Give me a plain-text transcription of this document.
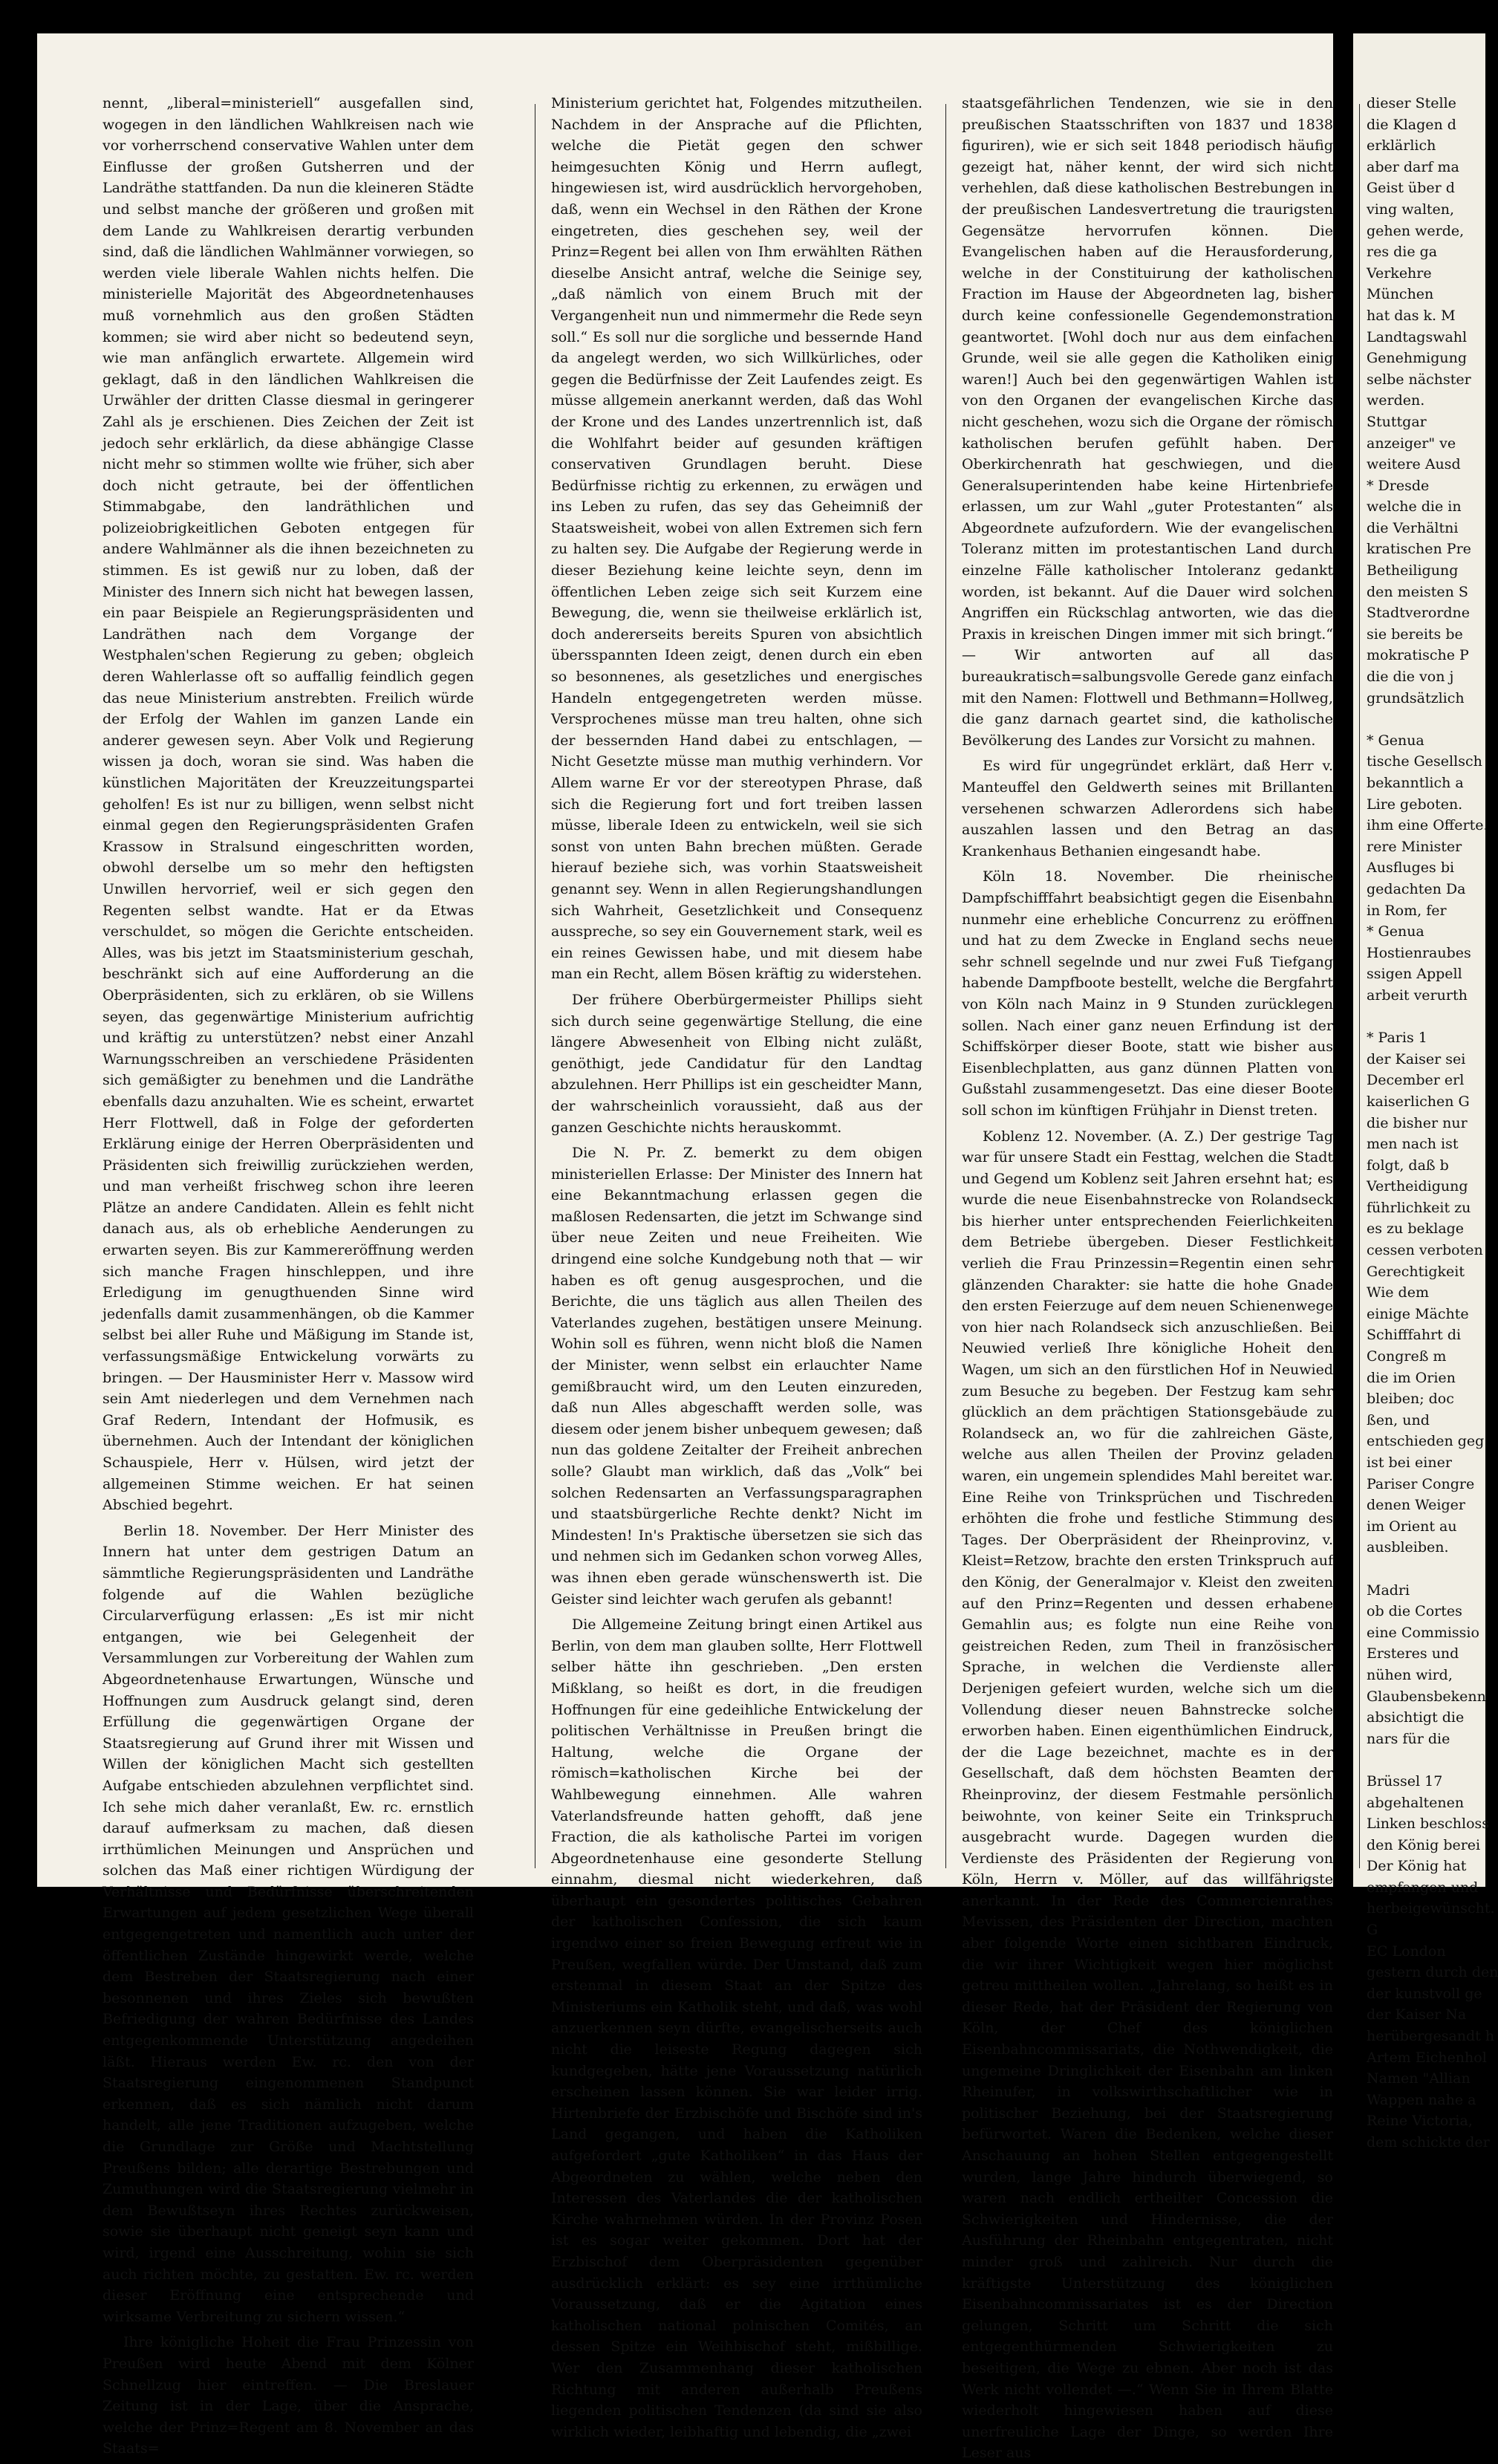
nennt, „liberal=ministeriell“ ausgefallen sind, wogegen in den ländlichen Wahlkreisen nach wie vor vorherrschend conservative Wahlen unter dem Einflusse der großen Gutsherren und der Landräthe stattfanden. Da nun die kleineren Städte und selbst manche der größeren und großen mit dem Lande zu Wahlkreisen derartig verbunden sind, daß die ländlichen Wahlmänner vorwiegen, so werden viele liberale Wahlen nichts helfen. Die ministerielle Majorität des Abgeordnetenhauses muß vornehmlich aus den großen Städten kommen; sie wird aber nicht so bedeutend seyn, wie man anfänglich erwartete. Allgemein wird geklagt, daß in den ländlichen Wahlkreisen die Urwähler der dritten Classe diesmal in geringerer Zahl als je erschienen. Dies Zeichen der Zeit ist jedoch sehr erklärlich, da diese abhängige Classe nicht mehr so stimmen wollte wie früher, sich aber doch nicht getraute, bei der öffentlichen Stimmabgabe, den landräthlichen und polizeiobrigkeitlichen Geboten entgegen für andere Wahlmänner als die ihnen bezeichneten zu stimmen. Es ist gewiß nur zu loben, daß der Minister des Innern sich nicht hat bewegen lassen, ein paar Beispiele an Regierungspräsidenten und Landräthen nach dem Vorgange der Westphalen'schen Regierung zu geben; obgleich deren Wahlerlasse oft so auffallig feindlich gegen das neue Ministerium anstrebten. Freilich würde der Erfolg der Wahlen im ganzen Lande ein anderer gewesen seyn. Aber Volk und Regierung wissen ja doch, woran sie sind. Was haben die künstlichen Majoritäten der Kreuzzeitungspartei geholfen! Es ist nur zu billigen, wenn selbst nicht einmal gegen den Regierungspräsidenten Grafen Krassow in Stralsund eingeschritten worden, obwohl derselbe um so mehr den heftigsten Unwillen hervorrief, weil er sich gegen den Regenten selbst wandte. Hat er da Etwas verschuldet, so mögen die Gerichte entscheiden. Alles, was bis jetzt im Staatsministerium geschah, beschränkt sich auf eine Aufforderung an die Oberpräsidenten, sich zu erklären, ob sie Willens seyen, das gegenwärtige Ministerium aufrichtig und kräftig zu unterstützen? nebst einer Anzahl Warnungsschreiben an verschiedene Präsidenten sich gemäßigter zu benehmen und die Landräthe ebenfalls dazu anzuhalten. Wie es scheint, erwartet Herr Flottwell, daß in Folge der geforderten Erklärung einige der Herren Oberpräsidenten und Präsidenten sich freiwillig zurückziehen werden, und man verheißt frischweg schon ihre leeren Plätze an andere Candidaten. Allein es fehlt nicht danach aus, als ob erhebliche Aenderungen zu erwarten seyen. Bis zur Kammereröffnung werden sich manche Fragen hinschleppen, und ihre Erledigung im genugthuenden Sinne wird jedenfalls damit zusammenhängen, ob die Kammer selbst bei aller Ruhe und Mäßigung im Stande ist, verfassungsmäßige Entwickelung vorwärts zu bringen. — Der Hausminister Herr v. Massow wird sein Amt niederlegen und dem Vernehmen nach Graf Redern, Intendant der Hofmusik, es übernehmen. Auch der Intendant der königlichen Schauspiele, Herr v. Hülsen, wird jetzt der allgemeinen Stimme weichen. Er hat seinen Abschied begehrt.

Berlin 18. November. Der Herr Minister des Innern hat unter dem gestrigen Datum an sämmtliche Regierungspräsidenten und Landräthe folgende auf die Wahlen bezügliche Circularverfügung erlassen: „Es ist mir nicht entgangen, wie bei Gelegenheit der Versammlungen zur Vorbereitung der Wahlen zum Abgeordnetenhause Erwartungen, Wünsche und Hoffnungen zum Ausdruck gelangt sind, deren Erfüllung die gegenwärtigen Organe der Staatsregierung auf Grund ihrer mit Wissen und Willen der königlichen Macht sich gestellten Aufgabe entschieden abzulehnen verpflichtet sind. Ich sehe mich daher veranlaßt, Ew. rc. ernstlich darauf aufmerksam zu machen, daß diesen irrthümlichen Meinungen und Ansprüchen und solchen das Maß einer richtigen Würdigung der Verhältnisse und Bedürfnisse überschreitenden Erwartungen auf jedem gesetzlichen Wege überall entgegengetreten und namentlich auch unter der öffentlichen Zustände hingewirkt werde, welche dem Bestreben der Staatsregierung nach einer besonnenen und ihres Zieles sich bewußten Befriedigung der wahren Bedürfnisse des Landes entgegenkommende Unterstützung angedeihen läßt. Hieraus werden Ew. rc. den von der Staatsregierung eingenommenen Standpunct erkennen, daß es sich nämlich nicht darum handelt, alle jene Traditionen aufzugeben, welche die Grundlage zur Größe und Machtstellung Preußens bilden; alle derartige Bestrebungen und Zumuthungen wird die Staatsregierung vielmehr in dem Bewußtseyn ihres Rechtes zurückweisen, sowie sie überhaupt nicht geneigt seyn kann und wird, irgend eine Ausschreitung, wohin sie sich auch richten möchte, zu gestatten. Ew. rc. werden dieser Eröffnung eine entsprechende und wirksame Verbreitung zu sichern wissen.“

Ihre königliche Hoheit die Frau Prinzessin von Preußen wird heute Abend mit dem Kölner Schnellzug hier eintreffen. — Die Breslauer Zeitung ist in der Lage, über die Ansprache, welche der Prinz=Regent am 8. November an das Staats=

Ministerium gerichtet hat, Folgendes mitzutheilen. Nachdem in der Ansprache auf die Pflichten, welche die Pietät gegen den schwer heimgesuchten König und Herrn auflegt, hingewiesen ist, wird ausdrücklich hervorgehoben, daß, wenn ein Wechsel in den Räthen der Krone eingetreten, dies geschehen sey, weil der Prinz=Regent bei allen von Ihm erwählten Räthen dieselbe Ansicht antraf, welche die Seinige sey, „daß nämlich von einem Bruch mit der Vergangenheit nun und nimmermehr die Rede seyn soll.“ Es soll nur die sorgliche und bessernde Hand da angelegt werden, wo sich Willkürliches, oder gegen die Bedürfnisse der Zeit Laufendes zeigt. Es müsse allgemein anerkannt werden, daß das Wohl der Krone und des Landes unzertrennlich ist, daß die Wohlfahrt beider auf gesunden kräftigen conservativen Grundlagen beruht. Diese Bedürfnisse richtig zu erkennen, zu erwägen und ins Leben zu rufen, das sey das Geheimniß der Staatsweisheit, wobei von allen Extremen sich fern zu halten sey. Die Aufgabe der Regierung werde in dieser Beziehung keine leichte seyn, denn im öffentlichen Leben zeige sich seit Kurzem eine Bewegung, die, wenn sie theilweise erklärlich ist, doch andererseits bereits Spuren von absichtlich übersspannten Ideen zeigt, denen durch ein eben so besonnenes, als gesetzliches und energisches Handeln entgegengetreten werden müsse. Versprochenes müsse man treu halten, ohne sich der bessernden Hand dabei zu entschlagen, — Nicht Gesetzte müsse man muthig verhindern. Vor Allem warne Er vor der stereotypen Phrase, daß sich die Regierung fort und fort treiben lassen müsse, liberale Ideen zu entwickeln, weil sie sich sonst von unten Bahn brechen müßten. Gerade hierauf beziehe sich, was vorhin Staatsweisheit genannt sey. Wenn in allen Regierungshandlungen sich Wahrheit, Gesetzlichkeit und Consequenz ausspreche, so sey ein Gouvernement stark, weil es ein reines Gewissen habe, und mit diesem habe man ein Recht, allem Bösen kräftig zu widerstehen.

Der frühere Oberbürgermeister Phillips sieht sich durch seine gegenwärtige Stellung, die eine längere Abwesenheit von Elbing nicht zuläßt, genöthigt, jede Candidatur für den Landtag abzulehnen. Herr Phillips ist ein gescheidter Mann, der wahrscheinlich voraussieht, daß aus der ganzen Geschichte nichts herauskommt.

Die N. Pr. Z. bemerkt zu dem obigen ministeriellen Erlasse: Der Minister des Innern hat eine Bekanntmachung erlassen gegen die maßlosen Redensarten, die jetzt im Schwange sind über neue Zeiten und neue Freiheiten. Wie dringend eine solche Kundgebung noth that — wir haben es oft genug ausgesprochen, und die Berichte, die uns täglich aus allen Theilen des Vaterlandes zugehen, bestätigen unsere Meinung. Wohin soll es führen, wenn nicht bloß die Namen der Minister, wenn selbst ein erlauchter Name gemißbraucht wird, um den Leuten einzureden, daß nun Alles abgeschafft werden solle, was diesem oder jenem bisher unbequem gewesen; daß nun das goldene Zeitalter der Freiheit anbrechen solle? Glaubt man wirklich, daß das „Volk“ bei solchen Redensarten an Verfassungsparagraphen und staatsbürgerliche Rechte denkt? Nicht im Mindesten! In's Praktische übersetzen sie sich das und nehmen sich im Gedanken schon vorweg Alles, was ihnen eben gerade wünschenswerth ist. Die Geister sind leichter wach gerufen als gebannt!

Die Allgemeine Zeitung bringt einen Artikel aus Berlin, von dem man glauben sollte, Herr Flottwell selber hätte ihn geschrieben. „Den ersten Mißklang, so heißt es dort, in die freudigen Hoffnungen für eine gedeihliche Entwickelung der politischen Verhältnisse in Preußen bringt die Haltung, welche die Organe der römisch=katholischen Kirche bei der Wahlbewegung einnehmen. Alle wahren Vaterlandsfreunde hatten gehofft, daß jene Fraction, die als katholische Partei im vorigen Abgeordnetenhause eine gesonderte Stellung einnahm, diesmal nicht wiederkehren, daß überhaupt ein gesondertes politisches Gebahren der katholischen Confession, die sich kaum irgendwo einer so freien Bewegung erfreut wie in Preußen, wegfallen würde. Der Umstand, daß zum erstenmal in diesem Staat an der Spitze des Ministeriums ein Katholik steht, und daß, was wohl anzuerkennen seyn dürfte, evangelischerseits auch nicht die leiseste Regung dagegen sich kundgegeben, hätte jene Voraussetzung natürlich erscheinen lassen können. Sie war leider irrig. Hirtenbriefe der Erzbischöfe und Bischöfe sind in's Land gegangen, und haben die Katholiken aufgefordert „gute Katholiken“ in das Haus der Abgeordneten zu wählen, welche neben den Interessen des Vaterlandes die der katholischen Kirche wahrnehmen würden. In der Provinz Posen ist es sogar weiter gekommen. Dort hat der Erzbischof dem Oberpräsidenten gegenüber ausdrücklich erklärt: es sey eine irrthümliche Voraussetzung, daß er die Agitation eines katholischen national polnischen Comités, an dessen Spitze ein Weihbischof steht, mißbillige. Wer den Zusammenhang dieser katholischen Richtung mit anderen außerhalb Preußens liegenden politischen Tendenzen (da sind sie also wirklich wieder, leibhaftig und lebendig, die „zwei

staatsgefährlichen Tendenzen, wie sie in den preußischen Staatsschriften von 1837 und 1838 figuriren), wie er sich seit 1848 periodisch häufig gezeigt hat, näher kennt, der wird sich nicht verhehlen, daß diese katholischen Bestrebungen in der preußischen Landesvertretung die traurigsten Gegensätze hervorrufen können. Die Evangelischen haben auf die Herausforderung, welche in der Constituirung der katholischen Fraction im Hause der Abgeordneten lag, bisher durch keine confessionelle Gegendemonstration geantwortet. [Wohl doch nur aus dem einfachen Grunde, weil sie alle gegen die Katholiken einig waren!] Auch bei den gegenwärtigen Wahlen ist von den Organen der evangelischen Kirche das nicht geschehen, wozu sich die Organe der römisch katholischen berufen gefühlt haben. Der Oberkirchenrath hat geschwiegen, und die Generalsuperintenden habe keine Hirtenbriefe erlassen, um zur Wahl „guter Protestanten“ als Abgeordnete aufzufordern. Wie der evangelischen Toleranz mitten im protestantischen Land durch einzelne Fälle katholischer Intoleranz gedankt worden, ist bekannt. Auf die Dauer wird solchen Angriffen ein Rückschlag antworten, wie das die Praxis in kreischen Dingen immer mit sich bringt.“ — Wir antworten auf all das bureaukratisch=salbungsvolle Gerede ganz einfach mit den Namen: Flottwell und Bethmann=Hollweg, die ganz darnach geartet sind, die katholische Bevölkerung des Landes zur Vorsicht zu mahnen.

Es wird für ungegründet erklärt, daß Herr v. Manteuffel den Geldwerth seines mit Brillanten versehenen schwarzen Adlerordens sich habe auszahlen lassen und den Betrag an das Krankenhaus Bethanien eingesandt habe.

Köln 18. November. Die rheinische Dampfschifffahrt beabsichtigt gegen die Eisenbahn nunmehr eine erhebliche Concurrenz zu eröffnen und hat zu dem Zwecke in England sechs neue sehr schnell segelnde und nur zwei Fuß Tiefgang habende Dampfboote bestellt, welche die Bergfahrt von Köln nach Mainz in 9 Stunden zurücklegen sollen. Nach einer ganz neuen Erfindung ist der Schiffskörper dieser Boote, statt wie bisher aus Eisenblechplatten, aus ganz dünnen Platten von Gußstahl zusammengesetzt. Das eine dieser Boote soll schon im künftigen Frühjahr in Dienst treten.

Koblenz 12. November. (A. Z.) Der gestrige Tag war für unsere Stadt ein Festtag, welchen die Stadt und Gegend um Koblenz seit Jahren ersehnt hat; es wurde die neue Eisenbahnstrecke von Rolandseck bis hierher unter entsprechenden Feierlichkeiten dem Betriebe übergeben. Dieser Festlichkeit verlieh die Frau Prinzessin=Regentin einen sehr glänzenden Charakter: sie hatte die hohe Gnade den ersten Feierzuge auf dem neuen Schienenwege von hier nach Rolandseck sich anzuschließen. Bei Neuwied verließ Ihre königliche Hoheit den Wagen, um sich an den fürstlichen Hof in Neuwied zum Besuche zu begeben. Der Festzug kam sehr glücklich an dem prächtigen Stationsgebäude zu Rolandseck an, wo für die zahlreichen Gäste, welche aus allen Theilen der Provinz geladen waren, ein ungemein splendides Mahl bereitet war. Eine Reihe von Trinksprüchen und Tischreden erhöhten die frohe und festliche Stimmung des Tages. Der Oberpräsident der Rheinprovinz, v. Kleist=Retzow, brachte den ersten Trinkspruch auf den König, der Generalmajor v. Kleist den zweiten auf den Prinz=Regenten und dessen erhabene Gemahlin aus; es folgte nun eine Reihe von geistreichen Reden, zum Theil in französischer Sprache, in welchen die Verdienste aller Derjenigen gefeiert wurden, welche sich um die Vollendung dieser neuen Bahnstrecke solche erworben haben. Einen eigenthümlichen Eindruck, der die Lage bezeichnet, machte es in der Gesellschaft, daß dem höchsten Beamten der Rheinprovinz, der diesem Festmahle persönlich beiwohnte, von keiner Seite ein Trinkspruch ausgebracht wurde. Dagegen wurden die Verdienste des Präsidenten der Regierung von Köln, Herrn v. Möller, auf das willfährigste anerkannt. In der Rede des Commercienrathes Mevissen, des Präsidenten der Direction, machten aber folgende Worte einen sichtbaren Eindruck, die wir ihrer Wichtigkeit wegen hier möglichst getreu mittheilen wollen. „Jahrelang, so heißt es in dieser Rede, hat der Präsident der Regierung von Köln, der Chef des königlichen Eisenbahncommissariats, die Nothwendigkeit, die ungemeine Dringlichkeit der Eisenbahn am linken Rheinufer, in volkswirthschaftlicher wie in politischer Beziehung, bei der Staatsregierung befürwortet. Waren die Bedenken, welche dieser Anschauung an hohen Stellen entgegengestellt wurden, lange Jahre hindurch überwiegend, so waren nach endlich ertheilter Concession die Schwierigkeiten und Hindernisse, die der Ausführung der Rheinbahn entgegentraten, nicht minder groß und zahlreich. Nur durch die kräftigste Unterstützung des königlichen Eisenbahncommissariates ist es der Direction gelungen, Schritt um Schritt die sich entgegenthürmenden Schwierigkeiten zu beseitigen, die Wege zu ebnen. Aber noch ist das Werk nicht vollendet —.“ Wenn Sie in Ihrem Blatte wiederholt hingewiesen haben auf diese unerfreuliche Lage der Dinge, so werden Ihre Leser aus

dieser Stelle
die Klagen d
erklärlich
aber darf ma
Geist über d
ving walten,
gehen werde,
res die ga
Verkehre
München
hat das k. M
Landtagswahl
Genehmigung
selbe nächster
werden.
Stuttgar
anzeiger" ve
weitere Ausd
* Dresde
welche die in
die Verhältni
kratischen Pre
Betheiligung
den meisten S
Stadtverordne
sie bereits be
mokratische P
die die von j
grundsätzlich

* Genua
tische Gesellsch
bekanntlich a
Lire geboten.
ihm eine Offerte.
rere Minister
Ausfluges bi
gedachten Da
in Rom, fer
* Genua
Hostienraubes
ssigen Appell
arbeit verurth

* Paris 1
der Kaiser sei
December erl
kaiserlichen G
die bisher nur
men nach ist
folgt, daß b
Vertheidigung
führlichkeit zu
es zu beklage
cessen verboten
Gerechtigkeit
Wie dem
einige Mächte
Schifffahrt di
Congreß m
die im Orien
bleiben; doc
ßen, und
entschieden geg
ist bei einer
Pariser Congre
denen Weiger
im Orient au
ausbleiben.

Madri
ob die Cortes
eine Commissio
Ersteres und
nühen wird,
Glaubensbekenn
absichtigt die
nars für die

Brüssel 17
abgehaltenen
Linken beschloss
den König berei
Der König hat
empfangen und
herbeigewünscht.
G
EC London
gestern durch den
der kunstvoll ge
der Kaiser Na
herübergesandt h
Artem Eichenhol
Namen "Allian
Wappen nahe a
Reine Victoria,
dem schickte der
